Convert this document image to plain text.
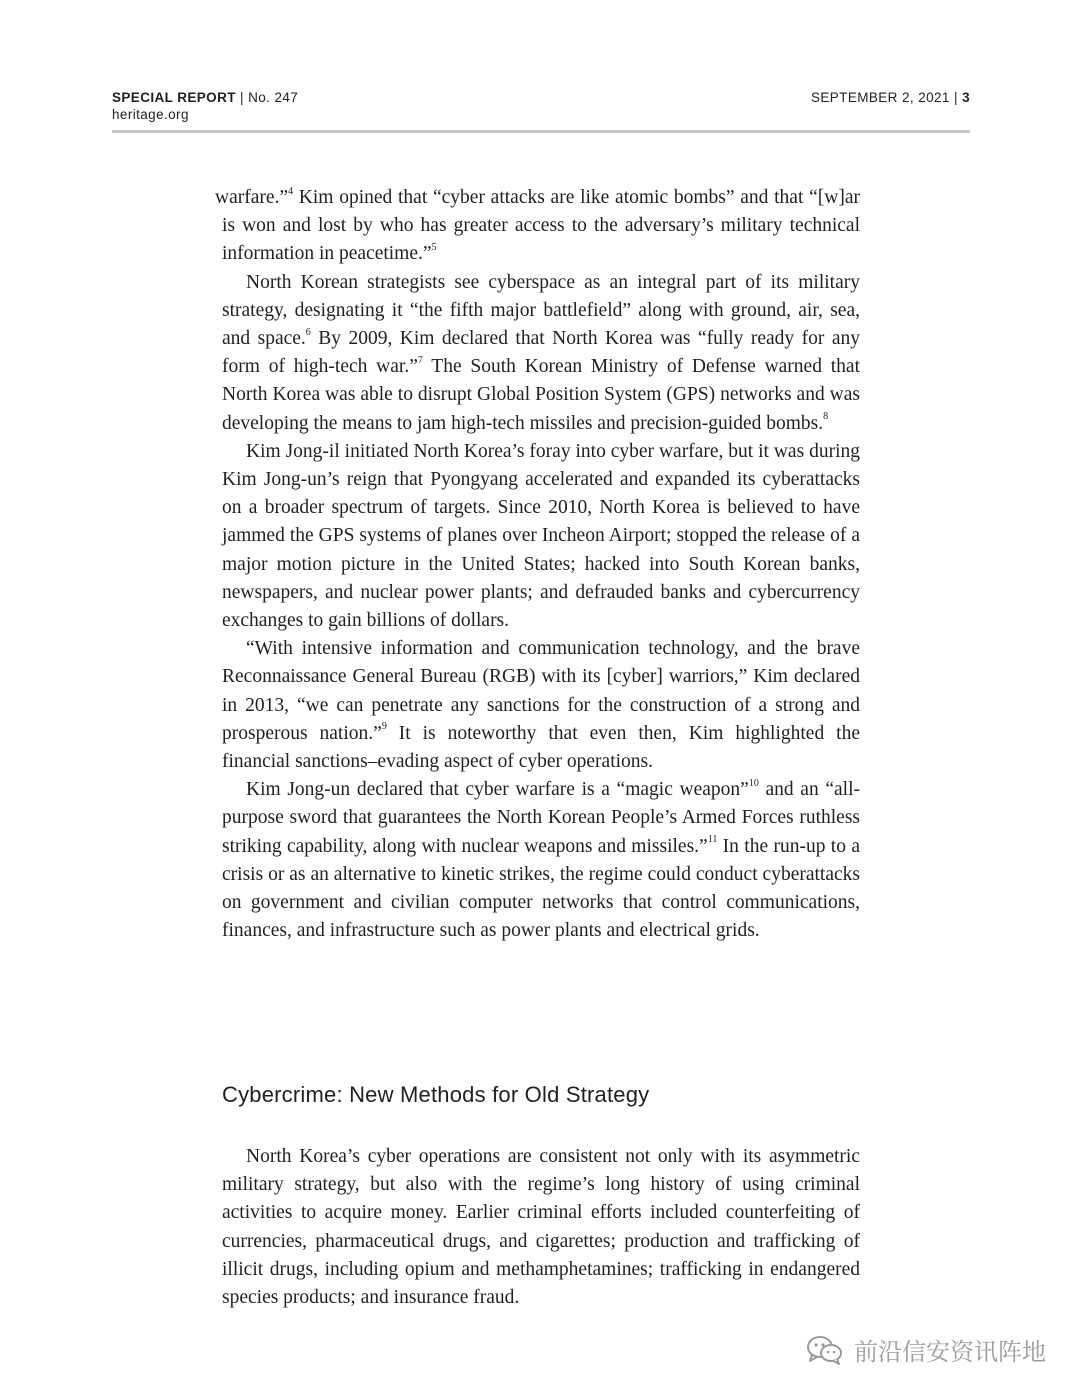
SPECIAL REPORT | No. 247
heritage.org
SEPTEMBER 2, 2021 | 3

warfare.”$^4$ Kim opined that “cyber attacks are like atomic bombs” and that “[w]ar is won and lost by who has greater access to the adversary’s military technical information in peacetime.”$^5$

North Korean strategists see cyberspace as an integral part of its military strategy, designating it “the fifth major battlefield” along with ground, air, sea, and space.$^6$ By 2009, Kim declared that North Korea was “fully ready for any form of high-tech war.”$^7$ The South Korean Ministry of Defense warned that North Korea was able to disrupt Global Position System (GPS) networks and was developing the means to jam high-tech missiles and precision-guided bombs.$^8$

Kim Jong-il initiated North Korea’s foray into cyber warfare, but it was during Kim Jong-un’s reign that Pyongyang accelerated and expanded its cyberattacks on a broader spectrum of targets. Since 2010, North Korea is believed to have jammed the GPS systems of planes over Incheon Airport; stopped the release of a major motion picture in the United States; hacked into South Korean banks, newspapers, and nuclear power plants; and defrauded banks and cybercurrency exchanges to gain billions of dollars.

“With intensive information and communication technology, and the brave Reconnaissance General Bureau (RGB) with its [cyber] warriors,” Kim declared in 2013, “we can penetrate any sanctions for the construction of a strong and prosperous nation.”$^9$ It is noteworthy that even then, Kim highlighted the financial sanctions–evading aspect of cyber operations.

Kim Jong-un declared that cyber warfare is a “magic weapon”$^{10}$ and an “all-purpose sword that guarantees the North Korean People’s Armed Forces ruthless striking capability, along with nuclear weapons and missiles.”$^{11}$ In the run-up to a crisis or as an alternative to kinetic strikes, the regime could conduct cyberattacks on government and civilian computer networks that control communications, finances, and infrastructure such as power plants and electrical grids.

Cybercrime: New Methods for Old Strategy

North Korea’s cyber operations are consistent not only with its asymmetric military strategy, but also with the regime’s long history of using criminal activities to acquire money. Earlier criminal efforts included counterfeiting of currencies, pharmaceutical drugs, and cigarettes; production and trafficking of illicit drugs, including opium and methamphetamines; trafficking in endangered species products; and insurance fraud.

前沿信安资讯阵地
